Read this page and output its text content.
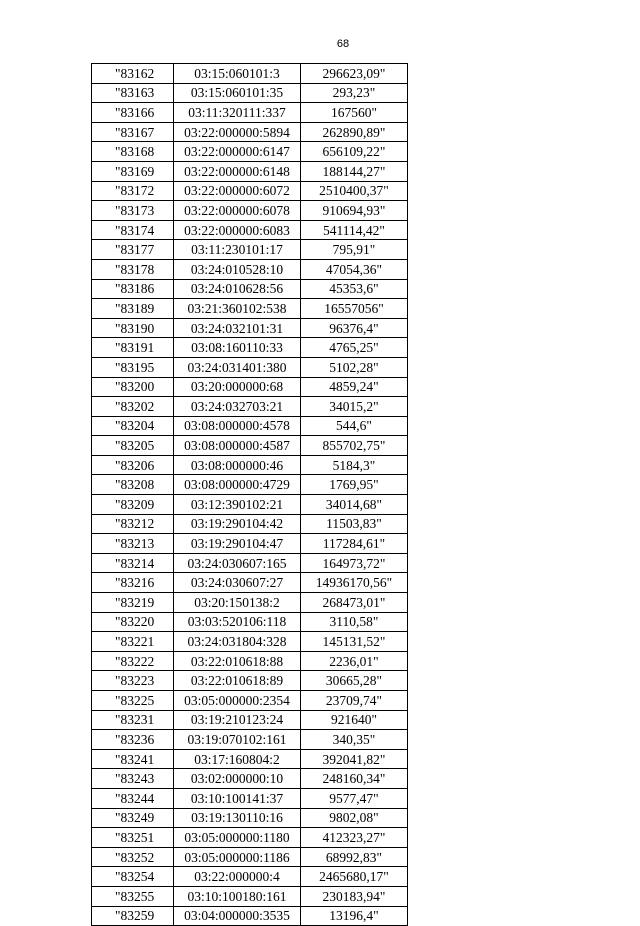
68
"83162	03:15:060101:3	296623,09"
"83163	03:15:060101:35	293,23"
"83166	03:11:320111:337	167560"
"83167	03:22:000000:5894	262890,89"
"83168	03:22:000000:6147	656109,22"
"83169	03:22:000000:6148	188144,27"
"83172	03:22:000000:6072	2510400,37"
"83173	03:22:000000:6078	910694,93"
"83174	03:22:000000:6083	541114,42"
"83177	03:11:230101:17	795,91"
"83178	03:24:010528:10	47054,36"
"83186	03:24:010628:56	45353,6"
"83189	03:21:360102:538	16557056"
"83190	03:24:032101:31	96376,4"
"83191	03:08:160110:33	4765,25"
"83195	03:24:031401:380	5102,28"
"83200	03:20:000000:68	4859,24"
"83202	03:24:032703:21	34015,2"
"83204	03:08:000000:4578	544,6"
"83205	03:08:000000:4587	855702,75"
"83206	03:08:000000:46	5184,3"
"83208	03:08:000000:4729	1769,95"
"83209	03:12:390102:21	34014,68"
"83212	03:19:290104:42	11503,83"
"83213	03:19:290104:47	117284,61"
"83214	03:24:030607:165	164973,72"
"83216	03:24:030607:27	14936170,56"
"83219	03:20:150138:2	268473,01"
"83220	03:03:520106:118	3110,58"
"83221	03:24:031804:328	145131,52"
"83222	03:22:010618:88	2236,01"
"83223	03:22:010618:89	30665,28"
"83225	03:05:000000:2354	23709,74"
"83231	03:19:210123:24	921640"
"83236	03:19:070102:161	340,35"
"83241	03:17:160804:2	392041,82"
"83243	03:02:000000:10	248160,34"
"83244	03:10:100141:37	9577,47"
"83249	03:19:130110:16	9802,08"
"83251	03:05:000000:1180	412323,27"
"83252	03:05:000000:1186	68992,83"
"83254	03:22:000000:4	2465680,17"
"83255	03:10:100180:161	230183,94"
"83259	03:04:000000:3535	13196,4"
